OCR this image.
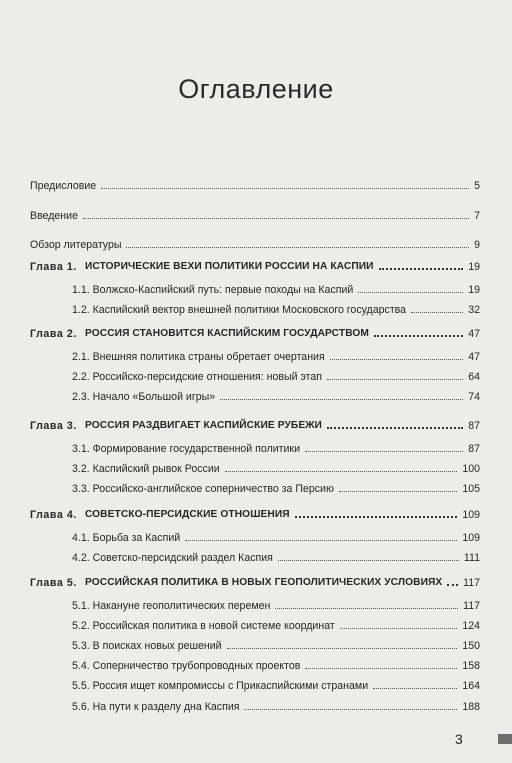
Оглавление
Предисловие	5
Введение	7
Обзор литературы	9
Глава 1. ИСТОРИЧЕСКИЕ ВЕХИ ПОЛИТИКИ РОССИИ НА КАСПИИ	19
1.1. Волжско-Каспийский путь: первые походы на Каспий	19
1.2. Каспийский вектор внешней политики Московского государства	32
Глава 2. РОССИЯ СТАНОВИТСЯ КАСПИЙСКИМ ГОСУДАРСТВОМ	47
2.1. Внешняя политика страны обретает очертания	47
2.2. Российско-персидские отношения: новый этап	64
2.3. Начало «Большой игры»	74
Глава 3. РОССИЯ РАЗДВИГАЕТ КАСПИЙСКИЕ РУБЕЖИ	87
3.1. Формирование государственной политики	87
3.2. Каспийский рывок России	100
3.3. Российско-английское соперничество за Персию	105
Глава 4. СОВЕТСКО-ПЕРСИДСКИЕ ОТНОШЕНИЯ	109
4.1. Борьба за Каспий	109
4.2. Советско-персидский раздел Каспия	111
Глава 5. РОССИЙСКАЯ ПОЛИТИКА В НОВЫХ ГЕОПОЛИТИЧЕСКИХ УСЛОВИЯХ 117
5.1. Накануне геополитических перемен	117
5.2. Российская политика в новой системе координат	124
5.3. В поисках новых решений	150
5.4. Соперничество трубопроводных проектов	158
5.5. Россия ищет компромиссы с Прикаспийскими странами	164
5.6. На пути к разделу дна Каспия	188
3
